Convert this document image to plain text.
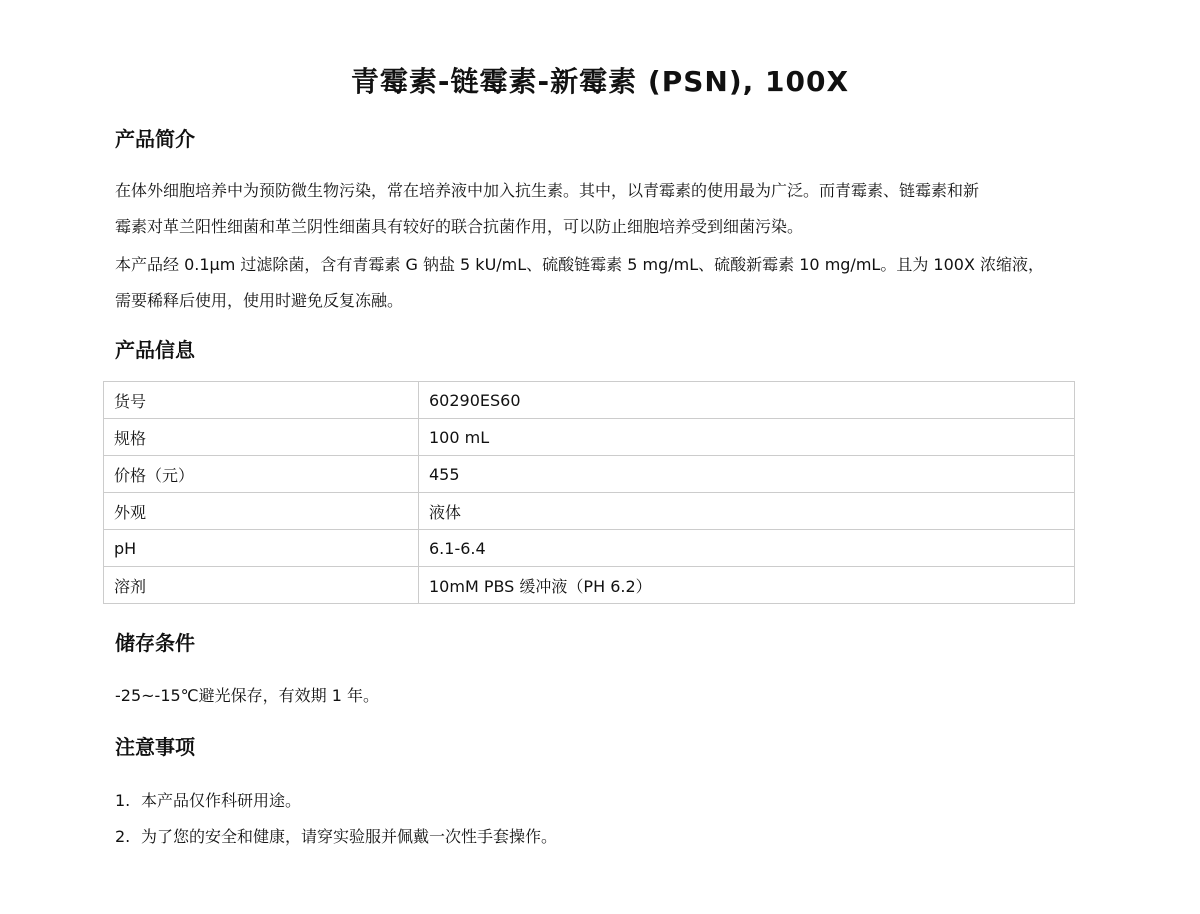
青霉素-链霉素-新霉素 (PSN), 100X
产品简介
在体外细胞培养中为预防微生物污染，常在培养液中加入抗生素。其中，以青霉素的使用最为广泛。而青霉素、链霉素和新
霉素对革兰阳性细菌和革兰阴性细菌具有较好的联合抗菌作用，可以防止细胞培养受到细菌污染。
本产品经 0.1μm 过滤除菌，含有青霉素 G 钠盐 5 kU/mL、硫酸链霉素 5 mg/mL、硫酸新霉素 10 mg/mL。且为 100X 浓缩液，
需要稀释后使用，使用时避免反复冻融。
产品信息
货号	60290ES60
规格	100 mL
价格（元）	455
外观	液体
pH	6.1-6.4
溶剂	10mM PBS 缓冲液（PH 6.2）
储存条件
-25~-15℃避光保存，有效期 1 年。
注意事项
1. 本产品仅作科研用途。
2. 为了您的安全和健康，请穿实验服并佩戴一次性手套操作。
